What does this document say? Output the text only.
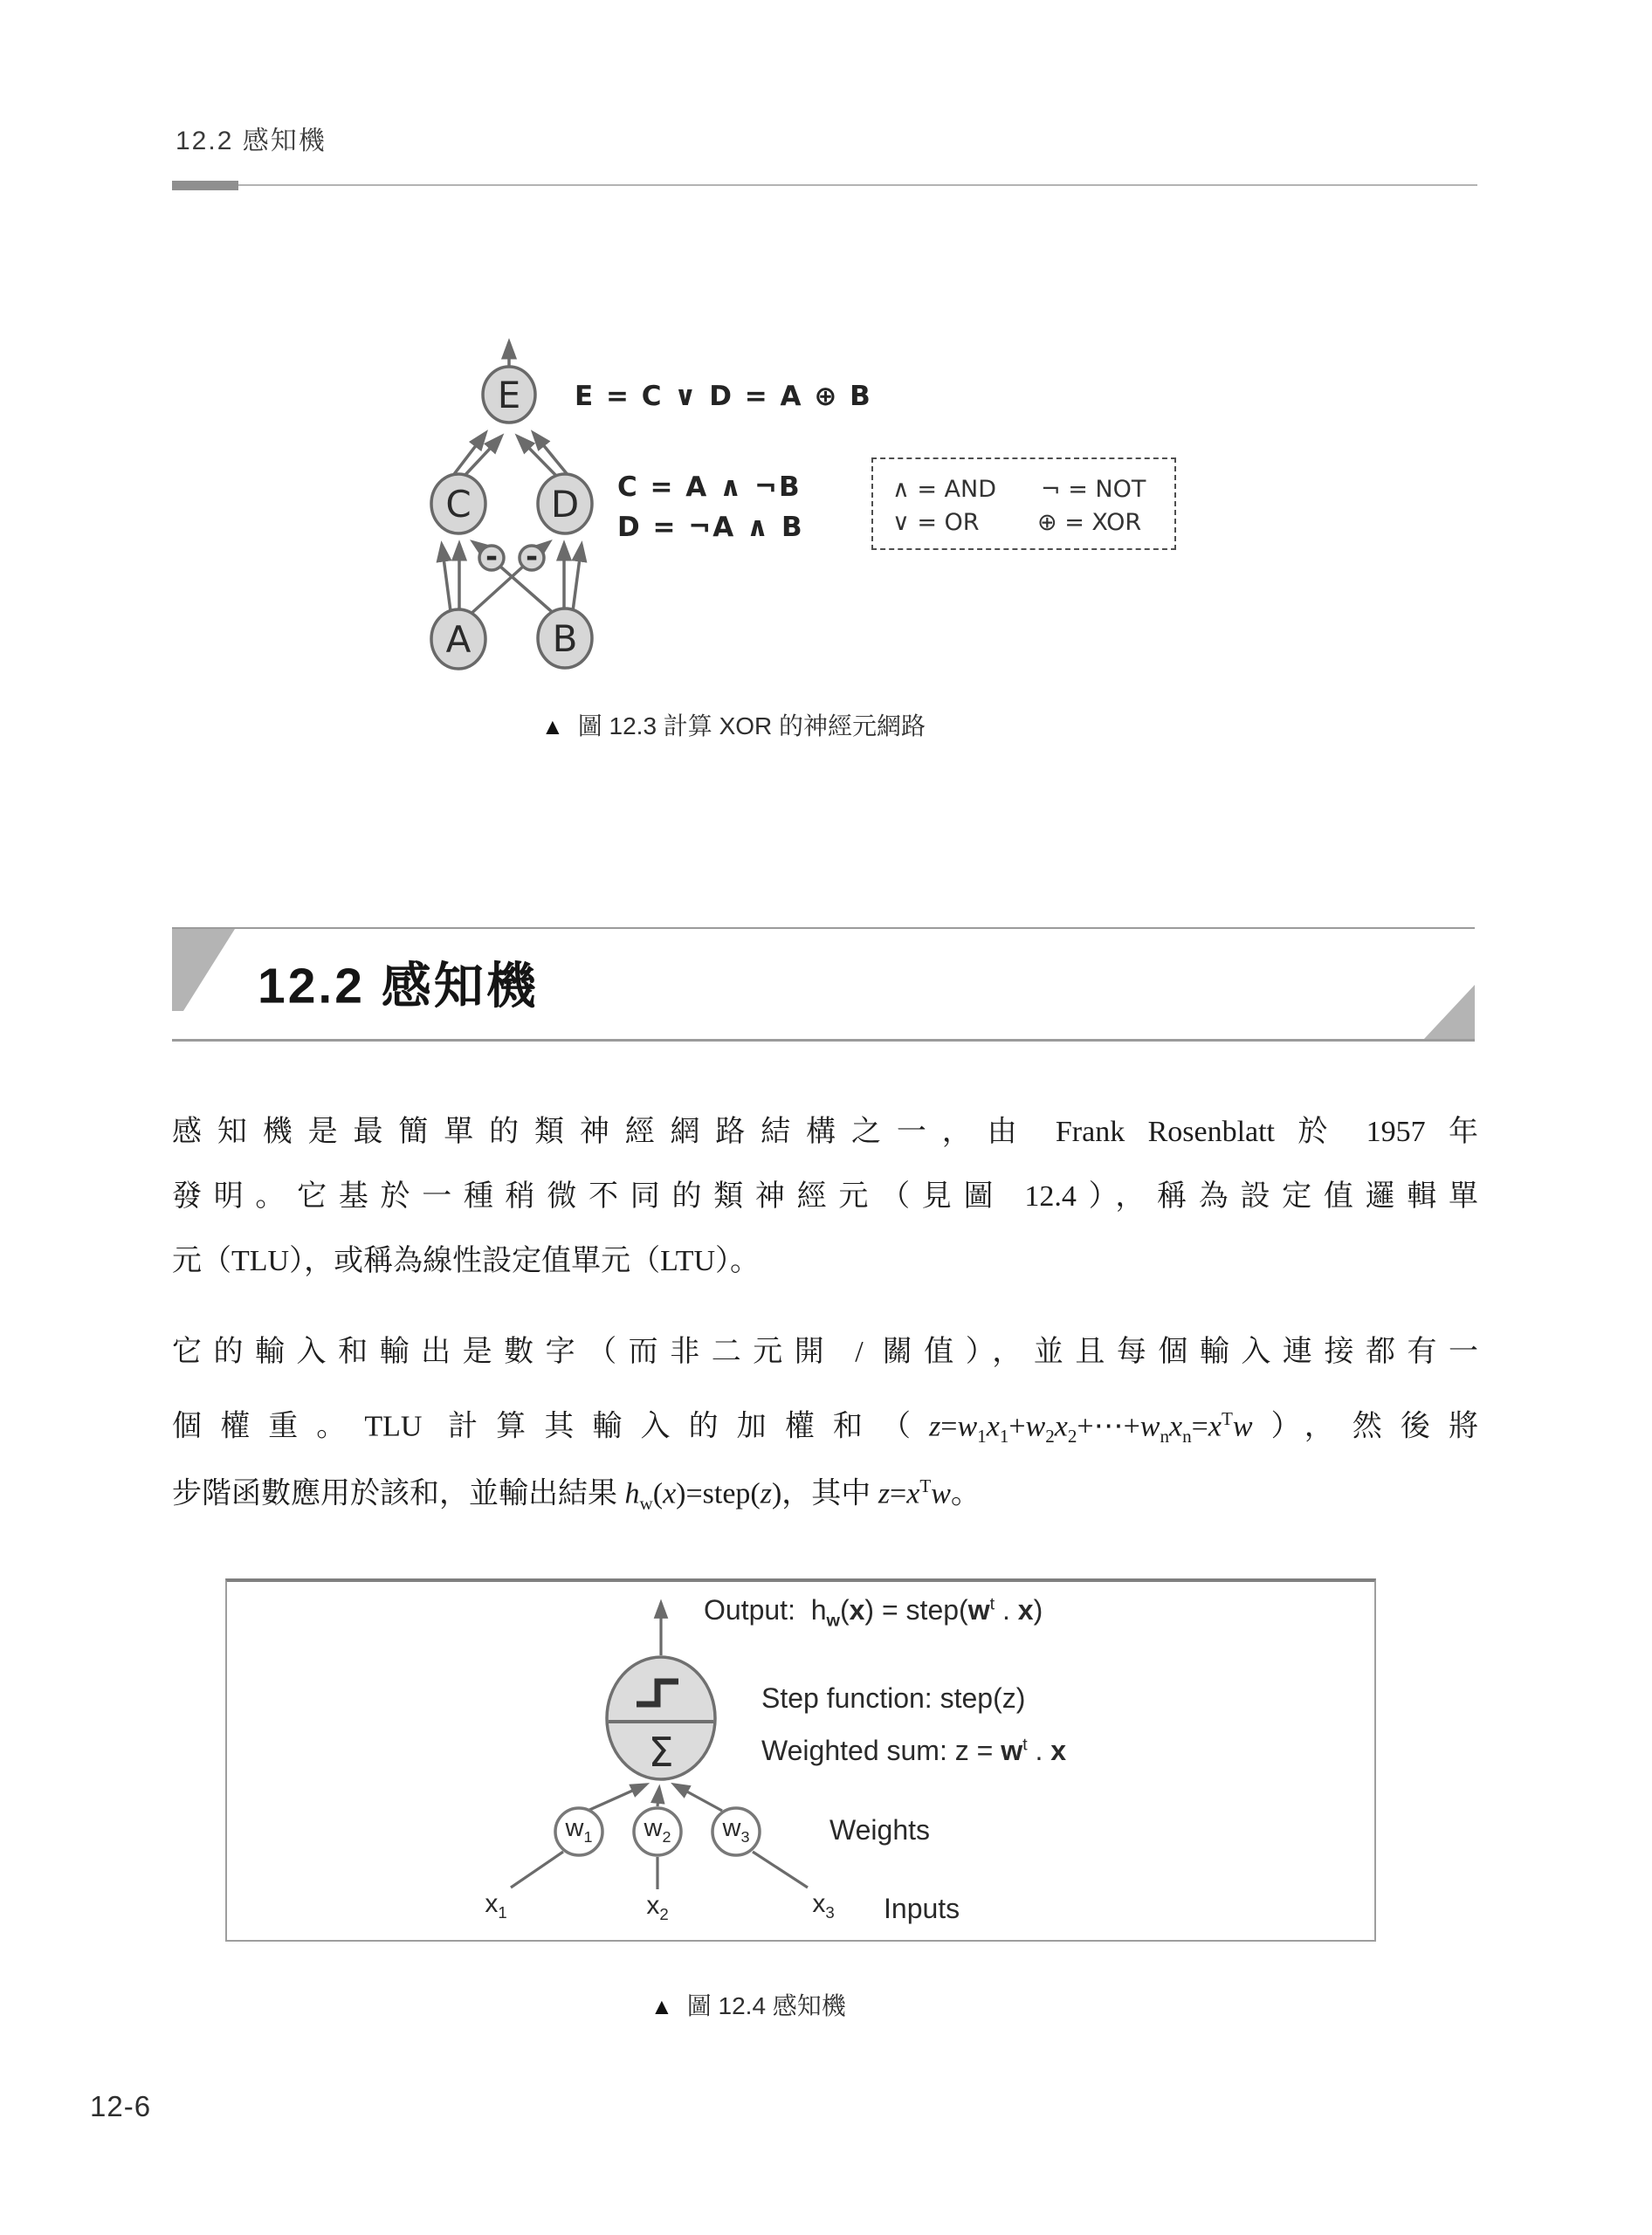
12.2 感知機
E
C D
A B
- -
E = C ∨ D = A ⊕ B
C = A ∧ ¬B
D = ¬A ∧ B
∧ = AND ¬ = NOT
∨ = OR ⊕ = XOR
▲ 圖 12.3 計算 XOR 的神經元網路
12.2 感知機
感知機是最簡單的類神經網路結構之一，由 Frank Rosenblatt 於 1957 年
發明。它基於一種稍微不同的類神經元（見圖 12.4），稱為設定值邏輯單
元（TLU），或稱為線性設定值單元（LTU）。
它的輸入和輸出是數字（而非二元開 / 關值），並且每個輸入連接都有一
個權重。TLU 計算其輸入的加權和$(z=w_1x_1+w_2x_2+\cdots+w_nx_n=x^Tw)$，然後將
步階函數應用於該和，並輸出結果 $h_w(x)=step(z)$，其中 $z=x^Tw$。
Σ
Output:  $h_w(x)$ = $step(w^t$ . x)
Step function: step(z)
Weighted sum: $z = w^t$ . x
$w_1$	$w_2$	$w_3$
$x_1$	$x_2$	$x_3$
Weights
Inputs
▲ 圖 12.4 感知機
12-6
